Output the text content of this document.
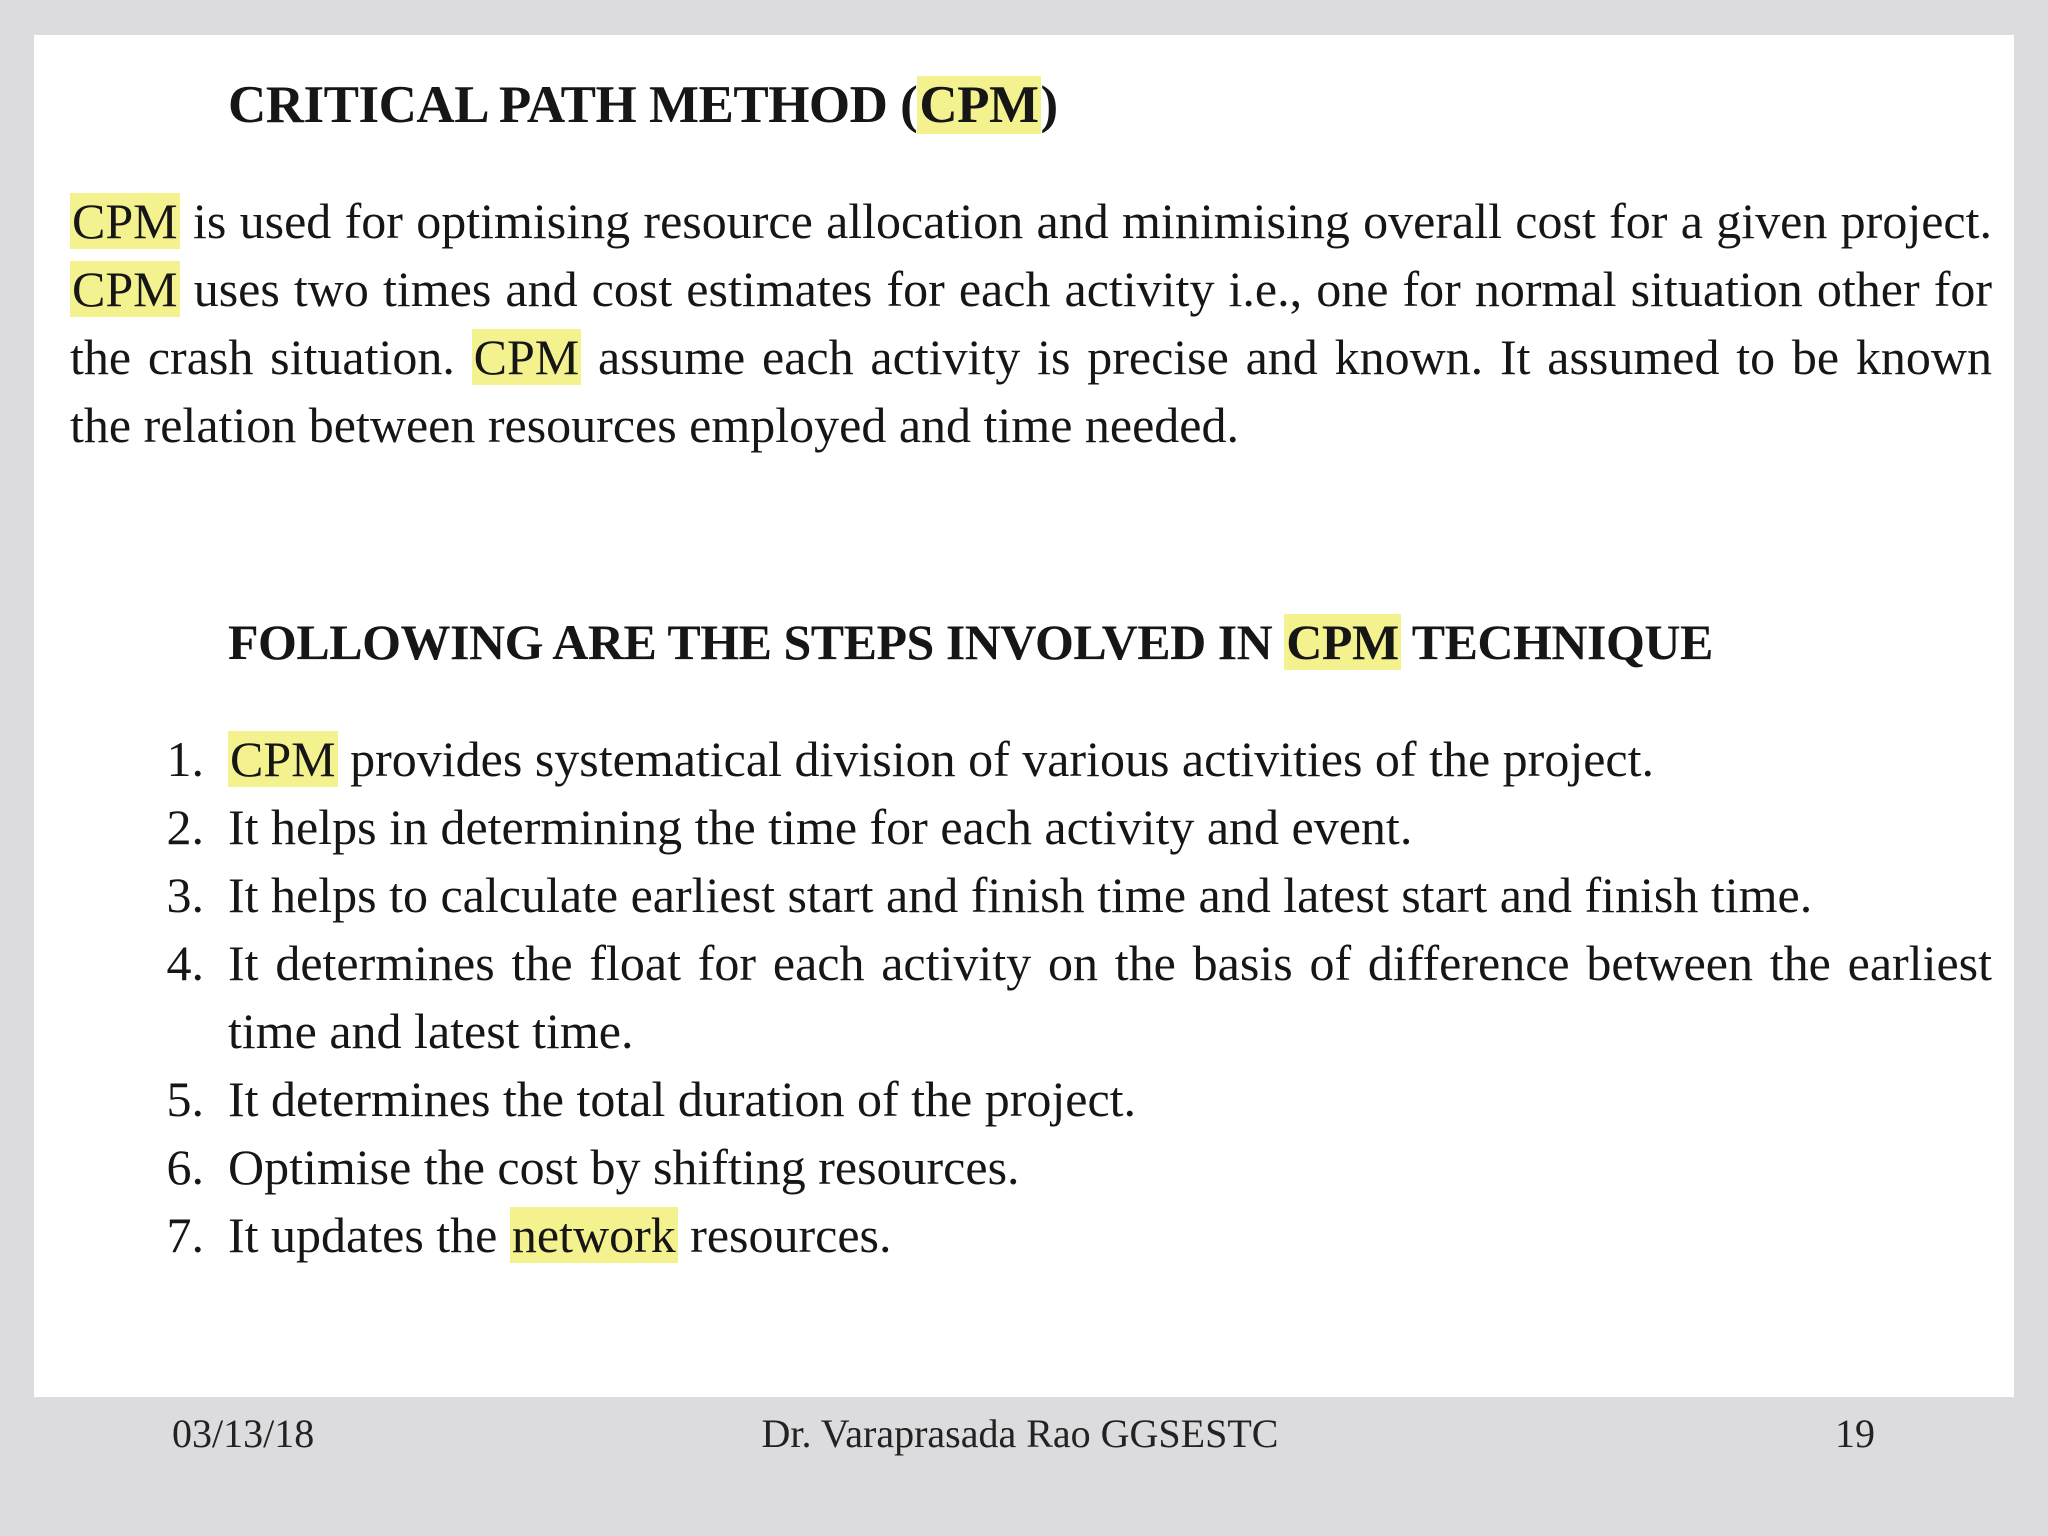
CRITICAL PATH METHOD (CPM)

CPM is used for optimising resource allocation and minimising overall cost for a given project. CPM uses two times and cost estimates for each activity i.e., one for normal situation other for the crash situation. CPM assume each activity is precise and known. It assumed to be known the relation between resources employed and time needed.

FOLLOWING ARE THE STEPS INVOLVED IN CPM TECHNIQUE
1. CPM provides systematical division of various activities of the project.
2. It helps in determining the time for each activity and event.
3. It helps to calculate earliest start and finish time and latest start and finish time.
4. It determines the float for each activity on the basis of difference between the earliest time and latest time.
5. It determines the total duration of the project.
6. Optimise the cost by shifting resources.
7. It updates the network resources.
03/13/18	Dr. Varaprasada Rao GGSESTC	19
